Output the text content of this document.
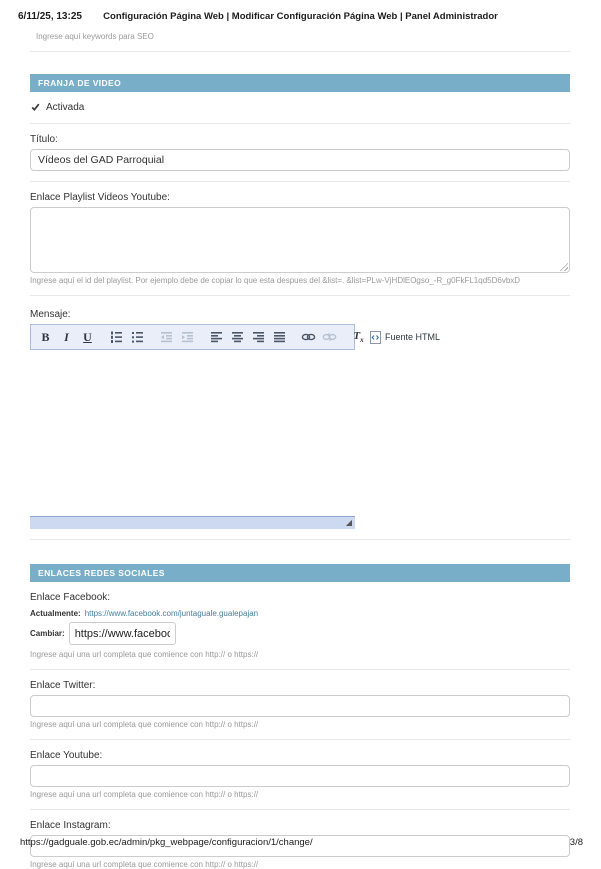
6/11/25, 13:25 Configuración Página Web | Modificar Configuración Página Web | Panel Administrador
Ingrese aquí keywords para SEO
FRANJA DE VIDEO
Activada
Título:
Vídeos del GAD Parroquial
Enlace Playlist Videos Youtube:
Ingrese aquí el id del playlist. Por ejemplo debe de copiar lo que esta despues del &list=. &list=PLw-VjHDlEOgso_-R_g0FkFL1qd5D6vbxD
Mensaje:
B I U	$T_x$ Fuente HTML
◢
ENLACES REDES SOCIALES
Enlace Facebook:
Actualmente: https://www.facebook.com/juntaguale.gualepajan
Cambiar:
https://www.facebook.com/juntaguale.gualepajan
Ingrese aquí una url completa que comience con http:// o https://
Enlace Twitter:
Ingrese aquí una url completa que comience con http:// o https://
Enlace Youtube:
Ingrese aquí una url completa que comience con http:// o https://
Enlace Instagram:
Ingrese aquí una url completa que comience con http:// o https://
https://gadguale.gob.ec/admin/pkg_webpage/configuracion/1/change/	3/8
